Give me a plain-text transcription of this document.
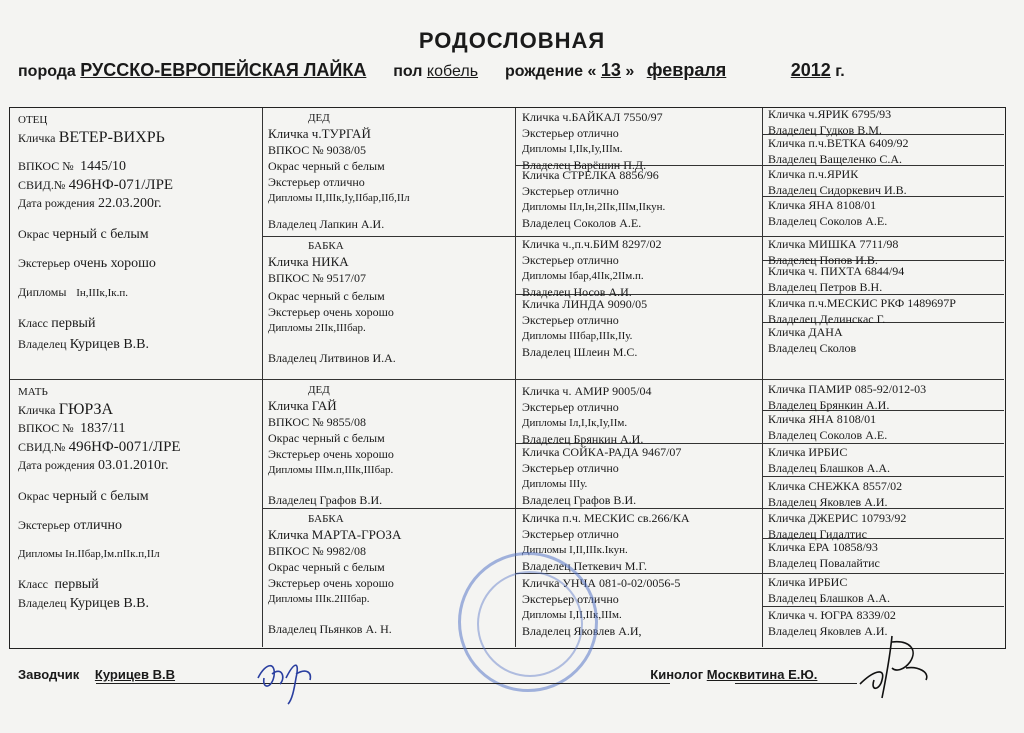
РОДОСЛОВНАЯ
порода РУССКО-ЕВРОПЕЙСКАЯ ЛАЙКА пол кобель рождение « 13 » февраля	2012 г.
ОТЕЦ
Кличка ВЕТЕР-ВИХРЬ
ВПКОС № 1445/10
СВИД.№ 496НФ-071/ЛРЕ
Дата рождения 22.03.200г.
Окрас черный с белым
Экстерьер очень хорошо
Дипломы Iн,IIIк,Iк.п.
Класс первый
Владелец Курицев В.В.
МАТЬ
Кличка ГЮРЗА
ВПКОС № 1837/11
СВИД.№ 496НФ-0071/ЛРЕ
Дата рождения 03.01.2010г.
Окрас черный с белым
Экстерьер отлично
Дипломы Iн.IIбар,Iм.пIIк.п,IIл
Класс первый
Владелец Курицев В.В.
ДЕД
Кличка ч.ТУРГАЙ
ВПКОС № 9038/05
Окрас черный с белым
Экстерьер отлично
Дипломы II,IIIк,Iу,IIбар,IIб,IIл
Владелец Лапкин А.И.
БАБКА
Кличка НИКА
ВПКОС № 9517/07
Окрас черный с белым
Экстерьер очень хорошо
Дипломы 2IIк,IIIбар.
Владелец Литвинов И.А.
ДЕД
Кличка ГАЙ
ВПКОС № 9855/08
Окрас черный с белым
Экстерьер очень хорошо
Дипломы IIIм.п,IIIк,IIIбар.
Владелец Графов В.И.
БАБКА
Кличка МАРТА-ГРОЗА
ВПКОС № 9982/08
Окрас черный с белым
Экстерьер очень хорошо
Дипломы IIIк.2IIIбар.
Владелец Пьянков А. Н.
Кличка ч.БАЙКАЛ 7550/97
Экстерьер отлично
Дипломы I,IIк,Iу,IIIм.
Владелец Варёшин П.Д.
Кличка СТРЕЛКА 8856/96
Экстерьер отлично
Дипломы IIл,Iн,2IIк,IIIм,IIкун.
Владелец Соколов А.Е.
Кличка ч.,п.ч.БИМ 8297/02
Экстерьер отлично
Дипломы Iбар,4IIк,2IIм.п.
Владелец Носов А.И.
Кличка ЛИНДА 9090/05
Экстерьер отлично
Дипломы IIIбар,IIIк,IIу.
Владелец Шлеин М.С.
Кличка ч. АМИР 9005/04
Экстерьер отлично
Дипломы Iл,I,Iк,Iу,IIм.
Владелец Брянкин А.И.
Кличка СОЙКА-РАДА 9467/07
Экстерьер отлично
Дипломы IIIу.
Владелец Графов В.И.
Кличка п.ч. МЕСКИС св.266/КА
Экстерьер отлично
Дипломы I,II,IIIк.Iкун.
Владелец Петкевич М.Г.
Кличка УНЧА 081-0-02/0056-5
Экстерьер отлично
Дипломы I,II,IIк,IIIм.
Владелец Яковлев А.И,
Кличка ч.ЯРИК 6795/93
Владелец Гудков В.М.
Кличка п.ч.ВЕТКА 6409/92
Владелец Ващеленко С.А.
Кличка п.ч.ЯРИК
Владелец Сидоркевич И.В.
Кличка ЯНА 8108/01
Владелец Соколов А.Е.
Кличка МИШКА 7711/98
Владелец Попов И.В.
Кличка ч. ПИХТА 6844/94
Владелец Петров В.Н.
Кличка п.ч.МЕСКИС РКФ 1489697Р
Владелец Делинскас Г.
Кличка ДАНА
Владелец Сколов
Кличка ПАМИР 085-92/012-03
Владелец Брянкин А.И.
Кличка ЯНА 8108/01
Владелец Соколов А.Е.
Кличка ИРБИС
Владелец Блашков А.А.
Кличка СНЕЖКА 8557/02
Владелец Яковлев А.И.
Кличка ДЖЕРИС 10793/92
Владелец Гидалтис
Кличка ЕРА 10858/93
Владелец Повалайтис
Кличка ИРБИС
Владелец Блашков А.А.
Кличка ч. ЮГРА 8339/02
Владелец Яковлев А.И.
Заводчик Курицев В.В	Кинолог Москвитина Е.Ю.
